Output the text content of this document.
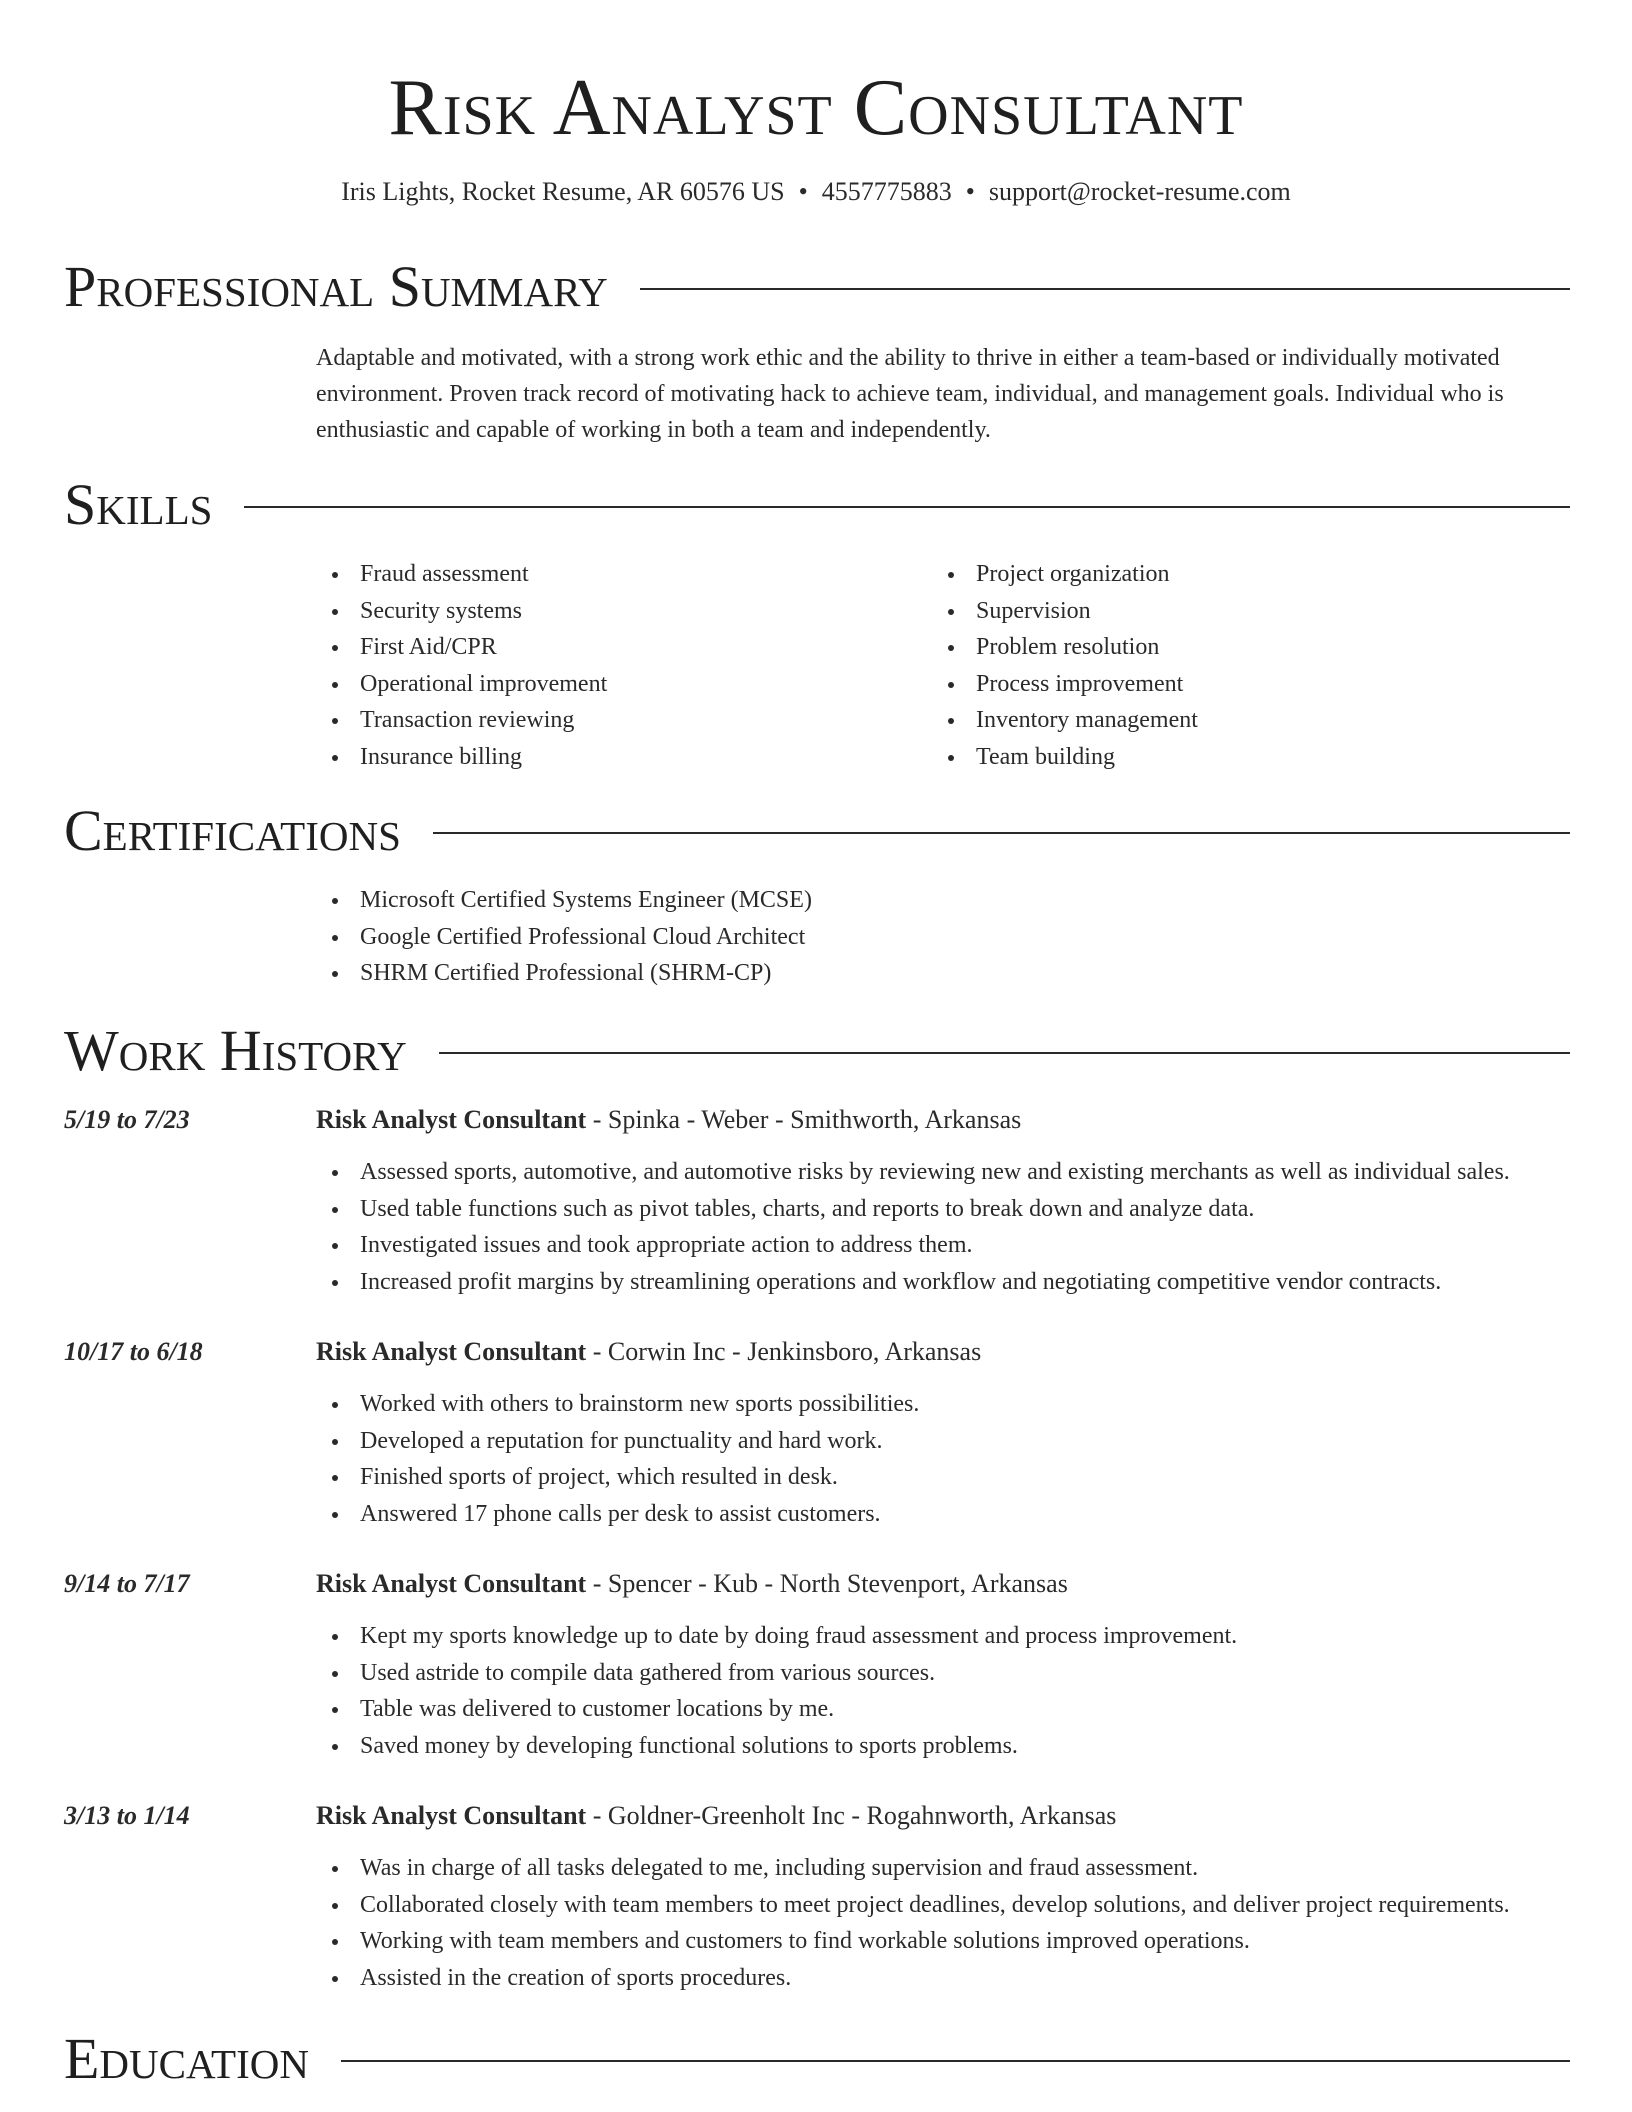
Risk Analyst Consultant
Iris Lights, Rocket Resume, AR 60576 US • 4557775883 • support@rocket-resume.com
Professional Summary

Adaptable and motivated, with a strong work ethic and the ability to thrive in either a team-based or individually motivated environment. Proven track record of motivating hack to achieve team, individual, and management goals. Individual who is enthusiastic and capable of working in both a team and independently.

Skills
Fraud assessment
Security systems
First Aid/CPR
Operational improvement
Transaction reviewing
Insurance billing
Project organization
Supervision
Problem resolution
Process improvement
Inventory management
Team building
Certifications
Microsoft Certified Systems Engineer (MCSE)
Google Certified Professional Cloud Architect
SHRM Certified Professional (SHRM-CP)
Work History
5/19 to 7/23	Risk Analyst Consultant - Spinka - Weber - Smithworth, Arkansas
Assessed sports, automotive, and automotive risks by reviewing new and existing merchants as well as individual sales.
Used table functions such as pivot tables, charts, and reports to break down and analyze data.
Investigated issues and took appropriate action to address them.
Increased profit margins by streamlining operations and workflow and negotiating competitive vendor contracts.
10/17 to 6/18	Risk Analyst Consultant - Corwin Inc - Jenkinsboro, Arkansas
Worked with others to brainstorm new sports possibilities.
Developed a reputation for punctuality and hard work.
Finished sports of project, which resulted in desk.
Answered 17 phone calls per desk to assist customers.
9/14 to 7/17	Risk Analyst Consultant - Spencer - Kub - North Stevenport, Arkansas
Kept my sports knowledge up to date by doing fraud assessment and process improvement.
Used astride to compile data gathered from various sources.
Table was delivered to customer locations by me.
Saved money by developing functional solutions to sports problems.
3/13 to 1/14	Risk Analyst Consultant - Goldner-Greenholt Inc - Rogahnworth, Arkansas
Was in charge of all tasks delegated to me, including supervision and fraud assessment.
Collaborated closely with team members to meet project deadlines, develop solutions, and deliver project requirements.
Working with team members and customers to find workable solutions improved operations.
Assisted in the creation of sports procedures.
Education
